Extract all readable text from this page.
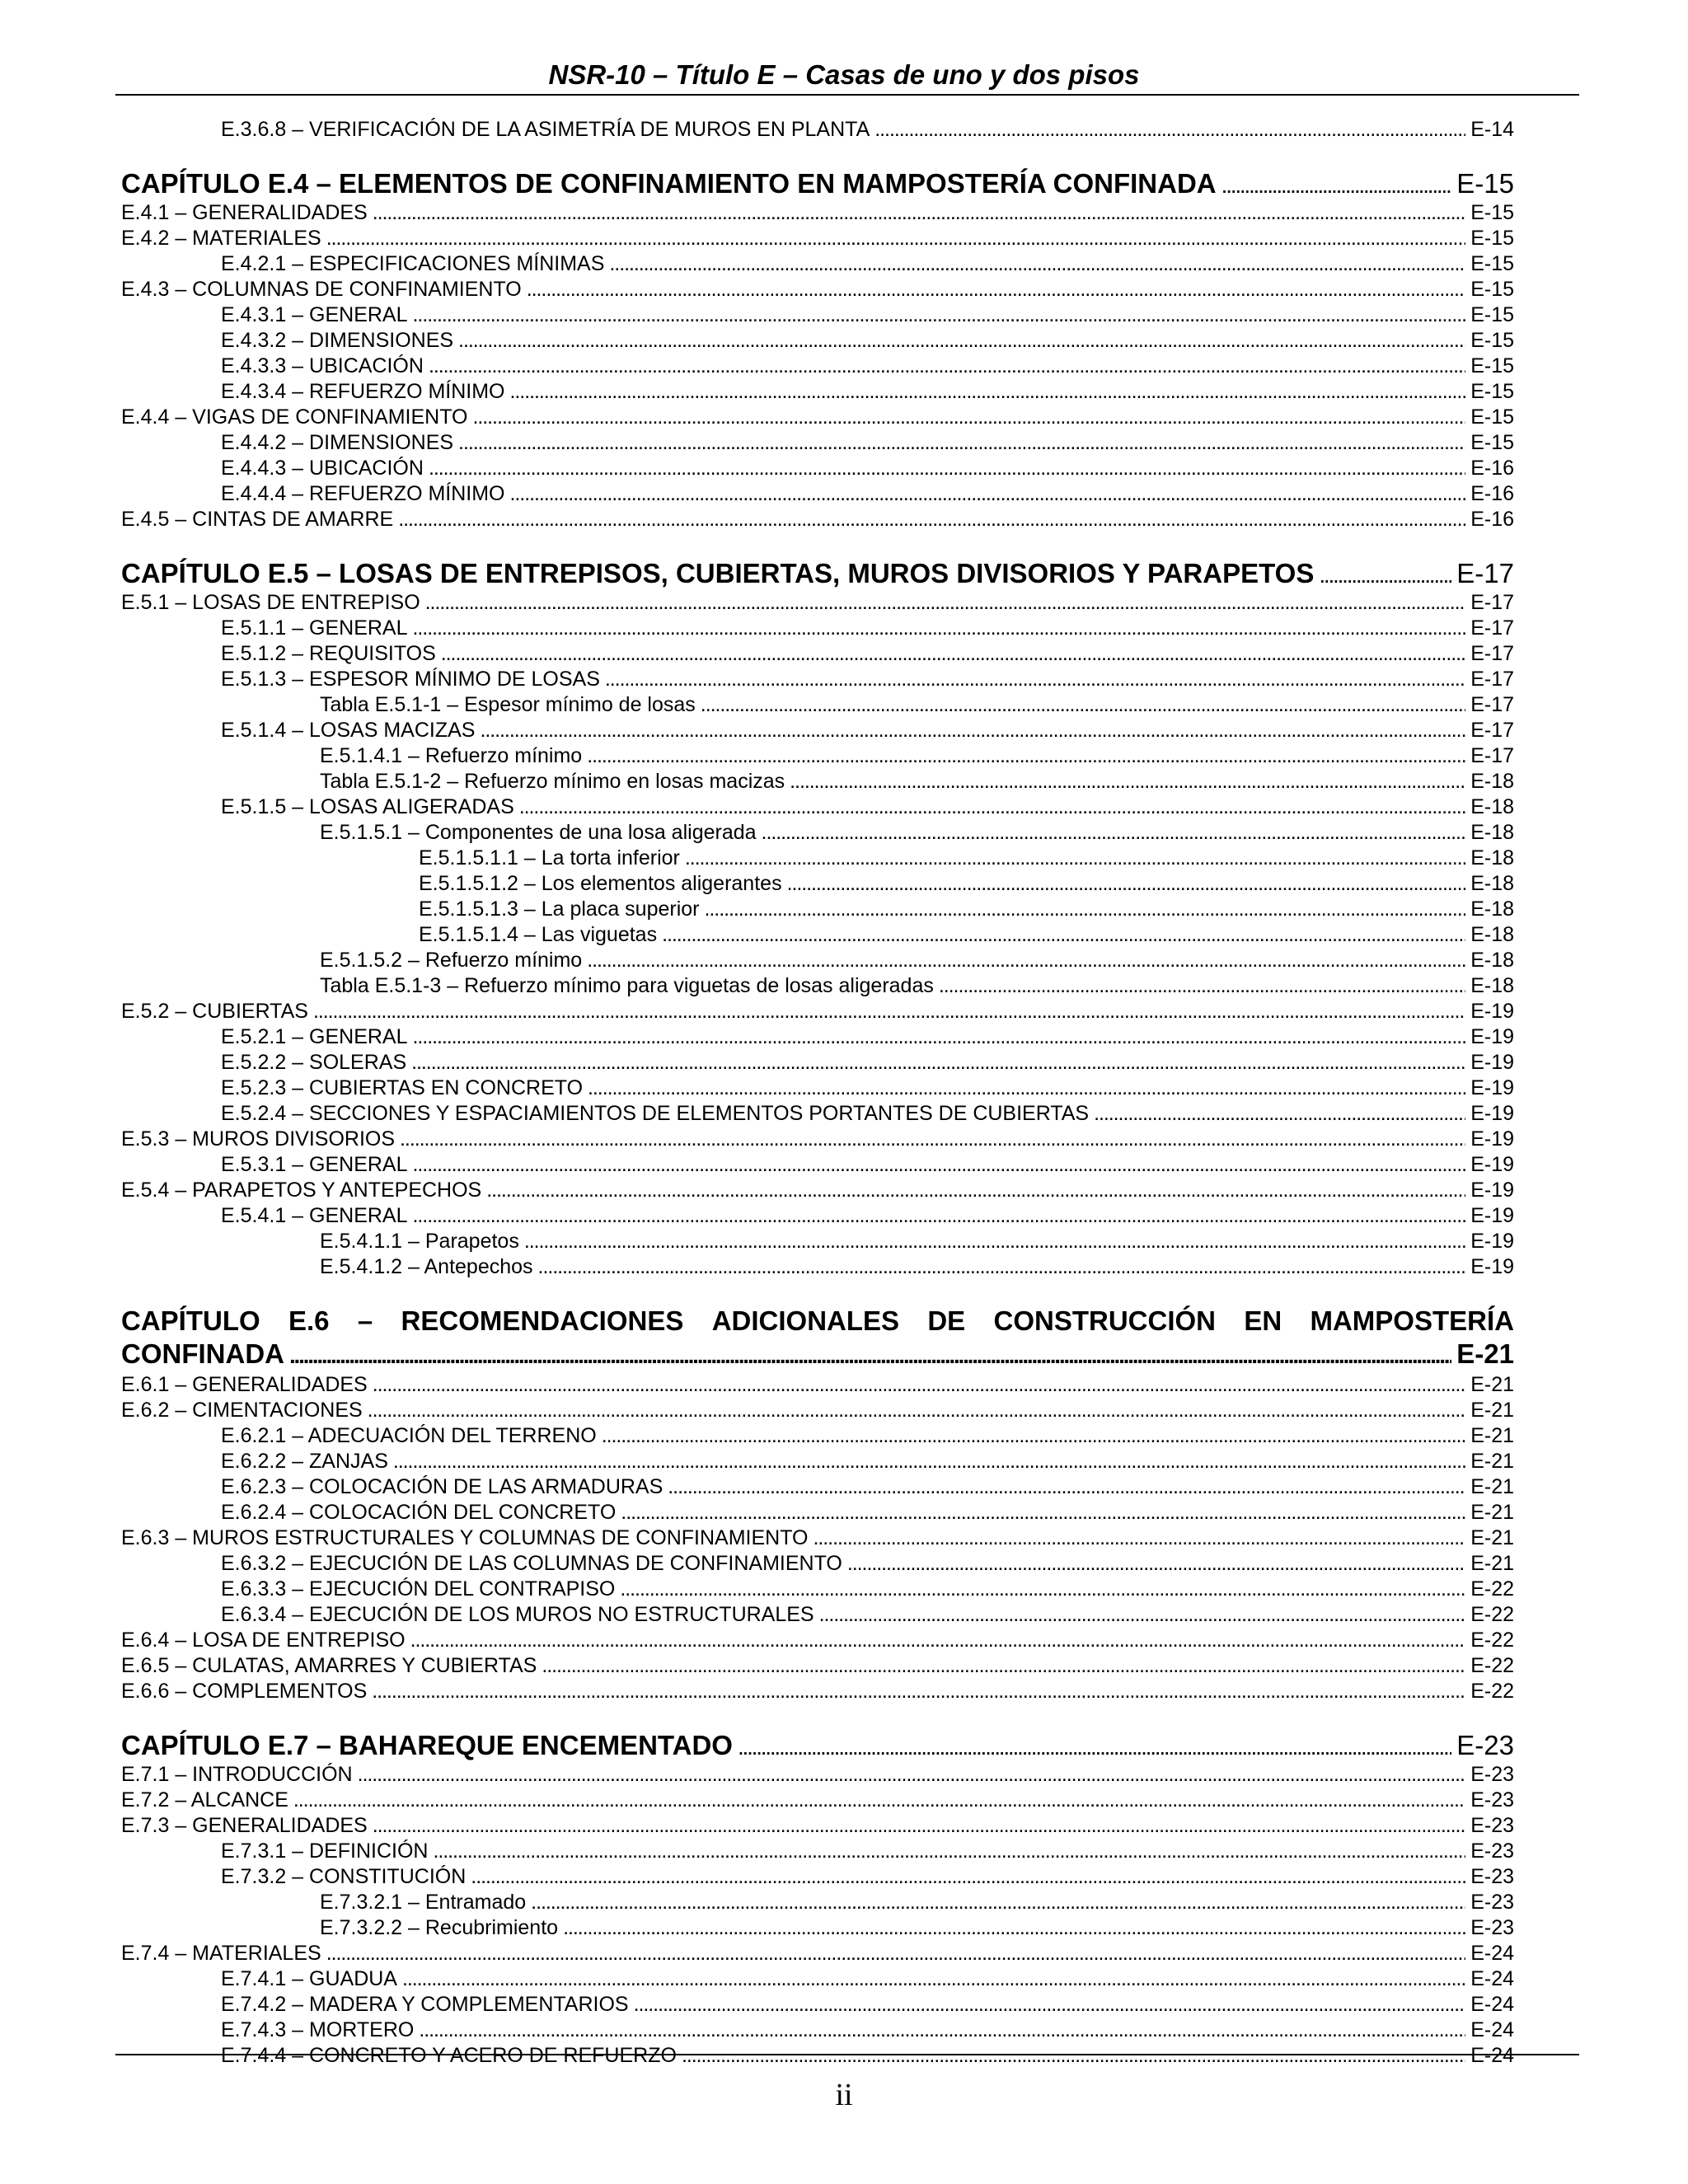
NSR-10 – Título E – Casas de uno y dos pisos
E.3.6.8 – VERIFICACIÓN DE LA ASIMETRÍA DE MUROS EN PLANTA . . .	E-14
CAPÍTULO E.4 – ELEMENTOS DE CONFINAMIENTO EN MAMPOSTERÍA CONFINADA . . .	E-15
E.4.1 – GENERALIDADES . . .	E-15
E.4.2 – MATERIALES . . .	E-15
E.4.2.1 – ESPECIFICACIONES MÍNIMAS . . .	E-15
E.4.3 – COLUMNAS DE CONFINAMIENTO . . .	E-15
E.4.3.1 – GENERAL . . .	E-15
E.4.3.2 – DIMENSIONES . . .	E-15
E.4.3.3 – UBICACIÓN . . .	E-15
E.4.3.4 – REFUERZO MÍNIMO . . .	E-15
E.4.4 – VIGAS DE CONFINAMIENTO . . .	E-15
E.4.4.2 – DIMENSIONES . . .	E-15
E.4.4.3 – UBICACIÓN . . .	E-16
E.4.4.4 – REFUERZO MÍNIMO . . .	E-16
E.4.5 – CINTAS DE AMARRE . . .	E-16
CAPÍTULO E.5 – LOSAS DE ENTREPISOS, CUBIERTAS, MUROS DIVISORIOS Y PARAPETOS . . .	E-17
E.5.1 – LOSAS DE ENTREPISO . . .	E-17
E.5.1.1 – GENERAL . . .	E-17
E.5.1.2 – REQUISITOS . . .	E-17
E.5.1.3 – ESPESOR MÍNIMO DE LOSAS . . .	E-17
Tabla E.5.1-1 – Espesor mínimo de losas . . .	E-17
E.5.1.4 – LOSAS MACIZAS . . .	E-17
E.5.1.4.1 – Refuerzo mínimo . . .	E-17
Tabla E.5.1-2 – Refuerzo mínimo en losas macizas . . .	E-18
E.5.1.5 – LOSAS ALIGERADAS . . .	E-18
E.5.1.5.1 – Componentes de una losa aligerada . . .	E-18
E.5.1.5.1.1 – La torta inferior . . .	E-18
E.5.1.5.1.2 – Los elementos aligerantes . . .	E-18
E.5.1.5.1.3 – La placa superior . . .	E-18
E.5.1.5.1.4 – Las viguetas . . .	E-18
E.5.1.5.2 – Refuerzo mínimo . . .	E-18
Tabla E.5.1-3 – Refuerzo mínimo para viguetas de losas aligeradas . . .	E-18
E.5.2 – CUBIERTAS . . .	E-19
E.5.2.1 – GENERAL . . .	E-19
E.5.2.2 – SOLERAS . . .	E-19
E.5.2.3 – CUBIERTAS EN CONCRETO . . .	E-19
E.5.2.4 – SECCIONES Y ESPACIAMIENTOS DE ELEMENTOS PORTANTES DE CUBIERTAS . . .	E-19
E.5.3 – MUROS DIVISORIOS . . .	E-19
E.5.3.1 – GENERAL . . .	E-19
E.5.4 – PARAPETOS Y ANTEPECHOS . . .	E-19
E.5.4.1 – GENERAL . . .	E-19
E.5.4.1.1 – Parapetos . . .	E-19
E.5.4.1.2 – Antepechos . . .	E-19
CAPÍTULO E.6 – RECOMENDACIONES ADICIONALES DE CONSTRUCCIÓN EN MAMPOSTERÍA
CONFINADA . . .	E-21
E.6.1 – GENERALIDADES . . .	E-21
E.6.2 – CIMENTACIONES . . .	E-21
E.6.2.1 – ADECUACIÓN DEL TERRENO . . .	E-21
E.6.2.2 – ZANJAS . . .	E-21
E.6.2.3 – COLOCACIÓN DE LAS ARMADURAS . . .	E-21
E.6.2.4 – COLOCACIÓN DEL CONCRETO . . .	E-21
E.6.3 – MUROS ESTRUCTURALES Y COLUMNAS DE CONFINAMIENTO . . .	E-21
E.6.3.2 – EJECUCIÓN DE LAS COLUMNAS DE CONFINAMIENTO . . .	E-21
E.6.3.3 – EJECUCIÓN DEL CONTRAPISO . . .	E-22
E.6.3.4 – EJECUCIÓN DE LOS MUROS NO ESTRUCTURALES . . .	E-22
E.6.4 – LOSA DE ENTREPISO . . .	E-22
E.6.5 – CULATAS, AMARRES Y CUBIERTAS . . .	E-22
E.6.6 – COMPLEMENTOS . . .	E-22
CAPÍTULO E.7 – BAHAREQUE ENCEMENTADO . . .	E-23
E.7.1 – INTRODUCCIÓN . . .	E-23
E.7.2 – ALCANCE . . .	E-23
E.7.3 – GENERALIDADES . . .	E-23
E.7.3.1 – DEFINICIÓN . . .	E-23
E.7.3.2 – CONSTITUCIÓN . . .	E-23
E.7.3.2.1 – Entramado . . .	E-23
E.7.3.2.2 – Recubrimiento . . .	E-23
E.7.4 – MATERIALES . . .	E-24
E.7.4.1 – GUADUA . . .	E-24
E.7.4.2 – MADERA Y COMPLEMENTARIOS . . .	E-24
E.7.4.3 – MORTERO . . .	E-24
E.7.4.4 – CONCRETO Y ACERO DE REFUERZO . . .	E-24
ii
